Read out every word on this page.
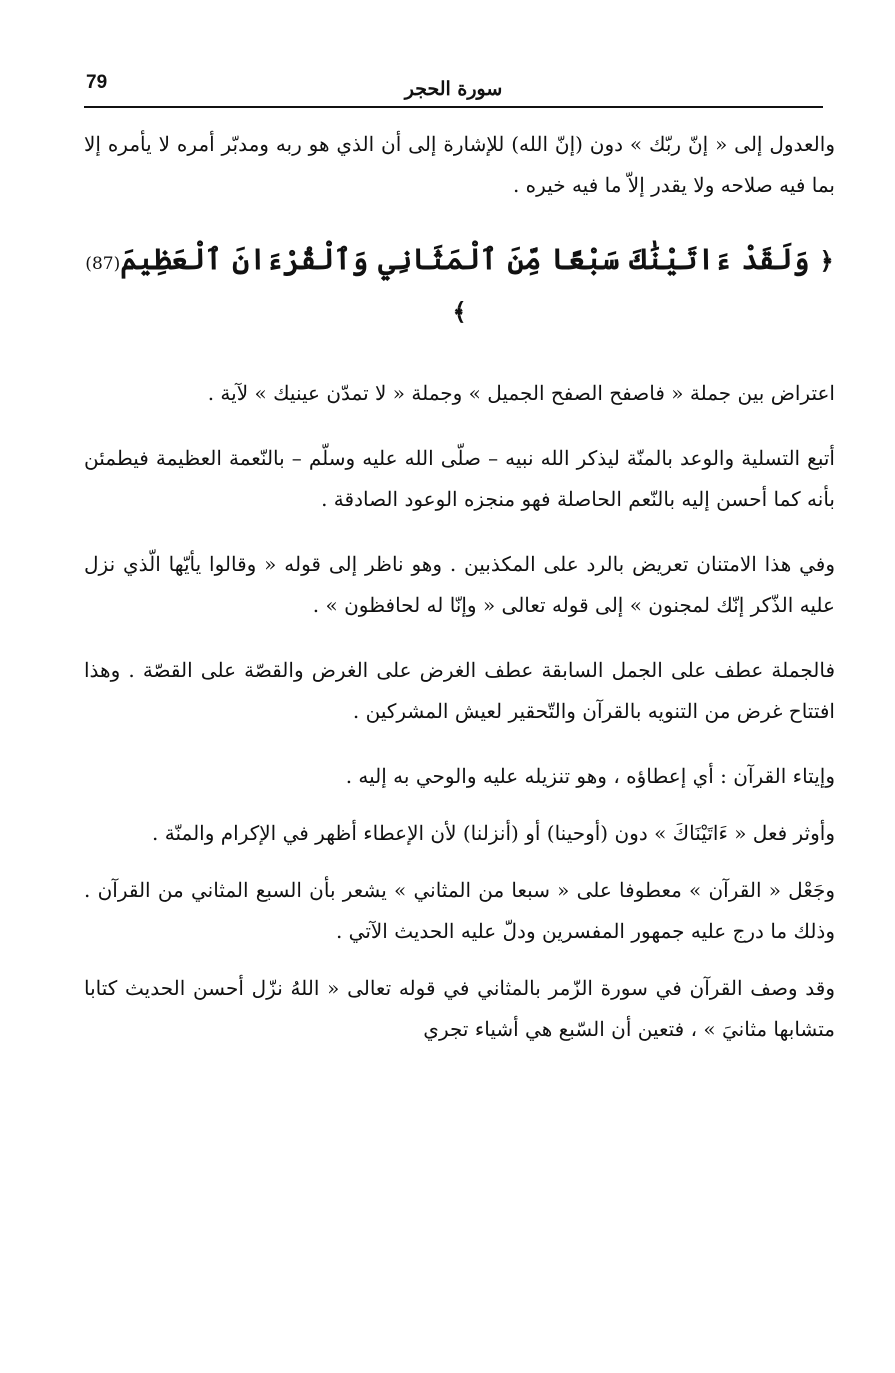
79	سورة الحجر

والعدول إلى « إنّ ربّك » دون (إنّ الله) للإشارة إلى أن الذي هو ربه ومدبّر أمره لا يأمره إلا بما فيه صلاحه ولا يقدر إلاّ ما فيه خيره .

﴿ وَلَقَدْ ءَاتَيْنَٰكَ سَبْعًا مِّنَ ٱلْمَثَانِي وَٱلْقُرْءَانَ ٱلْعَظِيمَ(87) ﴾

اعتراض بين جملة « فاصفح الصفح الجميل » وجملة « لا تمدّن عينيك » لآية .

أتبع التسلية والوعد بالمنّة ليذكر الله نبيه – صلّى الله عليه وسلّم – بالنّعمة العظيمة فيطمئن بأنه كما أحسن إليه بالنّعم الحاصلة فهو منجزه الوعود الصادقة .

وفي هذا الامتنان تعريض بالرد على المكذبين . وهو ناظر إلى قوله « وقالوا يأيّها الّذي نزل عليه الذّكر إنّك لمجنون » إلى قوله تعالى « وإنّا له لحافظون » .

فالجملة عطف على الجمل السابقة عطف الغرض على الغرض والقصّة على القصّة . وهذا افتتاح غرض من التنويه بالقرآن والتّحقير لعيش المشركين .

وإيتاء القرآن : أي إعطاؤه ، وهو تنزيله عليه والوحي به إليه .

وأوثر فعل « ءَاتَيْنَاكَ » دون (أوحينا) أو (أنزلنا) لأن الإعطاء أظهر في الإكرام والمنّة .

وجَعْل « القرآن » معطوفا على « سبعا من المثاني » يشعر بأن السبع المثاني من القرآن . وذلك ما درج عليه جمهور المفسرين ودلّ عليه الحديث الآتي .

وقد وصف القرآن في سورة الزّمر بالمثاني في قوله تعالى « اللهُ نزّل أحسن الحديث كتابا متشابها مثانيَ » ، فتعين أن السّبع هي أشياء تجري
